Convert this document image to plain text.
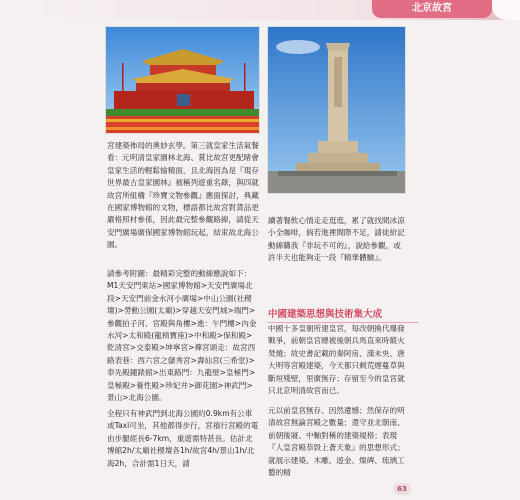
北京故宮

宮建築佈局的奧妙玄學。第三就皇家生活氣餐看：元明清皇家園林北海、賞比故宮更配睹會皇家生活的輕鬆愉精面，且北海因為是『現存世界最古皇家園林』被稱列遊重名錄，與四就故宮所組構『珍寶文物參觀』應面探討，典藏在國家博物館的文物，標語都比故宮對貨品更嚴格照材參係，因此最完整參觀路線，請從天安門廣場廣保國家博物館玩起，結束故北海公園。

請參考附圖：最精彩完整的動線應說如下：M1天安門東站>國家博物館>天安門廣場北段>天安門前金水河小廣場>中山公園(社稷壇)>勞動公園(太廟)>穿越天安門城>端門>參觀拍子河、宮殿與角樓>進：午門樓>內金水河>太和殿(龍椅寶座)>中和殿>保和殿>乾清宮>交泰殿>坤寧宮>禪宮頭走：故宮西路表巷：西六宮之儲秀宮>壽仙宮(三希堂)>奉先殿鐘錶館>出東路門：九龍壁>皇極門>皇極殿>養性殿>珍妃井>御花園>神武門>景山>北海公園。

全程只有神武門到北海公園約0.9km有公車或Taxi可坐，其他都得步行，宮禧行宮殿的電由步腿經長6-7km，重遊需特甚長。估計北博館2h/太廟社稷壇各1h/故宮4h/景山1h/北海2h，合計需1日天，請

續著餐飲心情走走逛逛，累了就找間冰涼小全咖啡，倘若進裡間際不足，請徒紛記動線購我『非玩不可的』，說給參觀，或許半天也能夠走一段『精華體驗』。

中國建築思想與技術集大成

中國十多皇朝所建皇宮，每改朝換代爆發戰爭，前朝皇宮總被後朝兵馬直來時縱火焚燒；故史書記載的秦阿房、漢未央、唐大明等宮殿建築，今天都只剩荒煙蔓草與斷垣殘壁，里廣無存；存留至今的皇宮就只北京明清故宮而已。

元以前皇宮無存、因然遺憾；然保存的明清故宮無論宮殿之數量；還守並北朝南、前朝後寢、中軸對稱的建築規格；表現『人皇宮殿恭毀上蒼天象』的思想形式；就展示建築、木雕、遊金、燦碑、琉璃工藝的精

63
